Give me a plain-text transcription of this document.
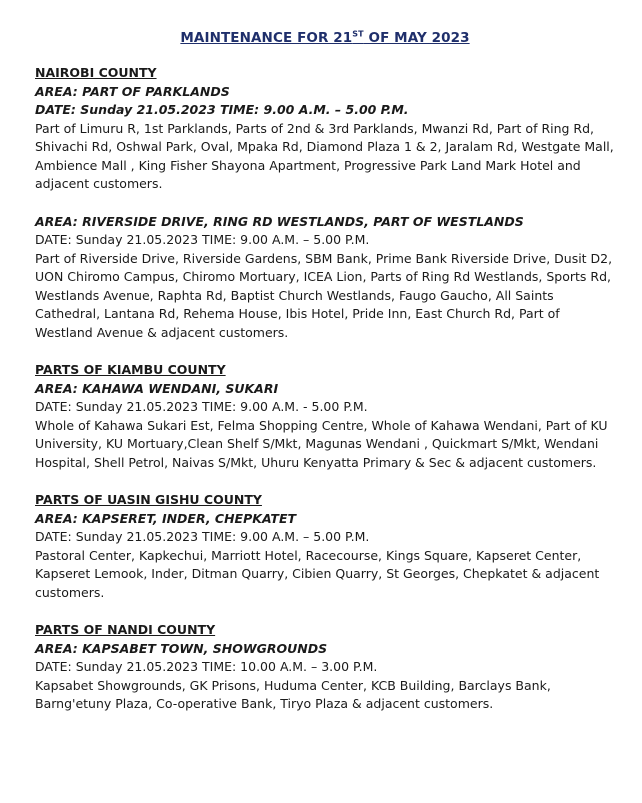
MAINTENANCE FOR 21ST OF MAY 2023
NAIROBI COUNTY
AREA: PART OF PARKLANDS
DATE: Sunday 21.05.2023 TIME: 9.00 A.M. – 5.00 P.M.
Part of Limuru R, 1st Parklands, Parts of 2nd & 3rd Parklands, Mwanzi Rd, Part of Ring Rd, Shivachi Rd, Oshwal Park, Oval, Mpaka Rd, Diamond Plaza 1 & 2, Jaralam Rd, Westgate Mall, Ambience Mall , King Fisher Shayona Apartment, Progressive Park Land Mark Hotel and adjacent customers.
AREA: RIVERSIDE DRIVE, RING RD WESTLANDS, PART OF WESTLANDS
DATE: Sunday 21.05.2023 TIME: 9.00 A.M. – 5.00 P.M.
Part of Riverside Drive, Riverside Gardens, SBM Bank, Prime Bank Riverside Drive, Dusit D2, UON Chiromo Campus, Chiromo Mortuary, ICEA Lion, Parts of Ring Rd Westlands, Sports Rd, Westlands Avenue, Raphta Rd, Baptist Church Westlands, Faugo Gaucho, All Saints Cathedral, Lantana Rd, Rehema House, Ibis Hotel, Pride Inn, East Church Rd, Part of Westland Avenue & adjacent customers.
PARTS OF KIAMBU COUNTY
AREA: KAHAWA WENDANI, SUKARI
DATE: Sunday 21.05.2023 TIME: 9.00 A.M. - 5.00 P.M.
Whole of Kahawa Sukari Est, Felma Shopping Centre, Whole of Kahawa Wendani, Part of KU University, KU Mortuary,Clean Shelf S/Mkt, Magunas Wendani , Quickmart S/Mkt, Wendani Hospital, Shell Petrol, Naivas S/Mkt, Uhuru Kenyatta Primary & Sec & adjacent customers.
PARTS OF UASIN GISHU COUNTY
AREA: KAPSERET, INDER, CHEPKATET
DATE: Sunday 21.05.2023 TIME: 9.00 A.M. – 5.00 P.M.
Pastoral Center, Kapkechui, Marriott Hotel, Racecourse, Kings Square, Kapseret Center, Kapseret Lemook, Inder, Ditman Quarry, Cibien Quarry, St Georges, Chepkatet & adjacent customers.
PARTS OF NANDI COUNTY
AREA: KAPSABET TOWN, SHOWGROUNDS
DATE: Sunday 21.05.2023 TIME: 10.00 A.M. – 3.00 P.M.
Kapsabet Showgrounds, GK Prisons, Huduma Center, KCB Building, Barclays Bank, Barng'etuny Plaza, Co-operative Bank, Tiryo Plaza & adjacent customers.
